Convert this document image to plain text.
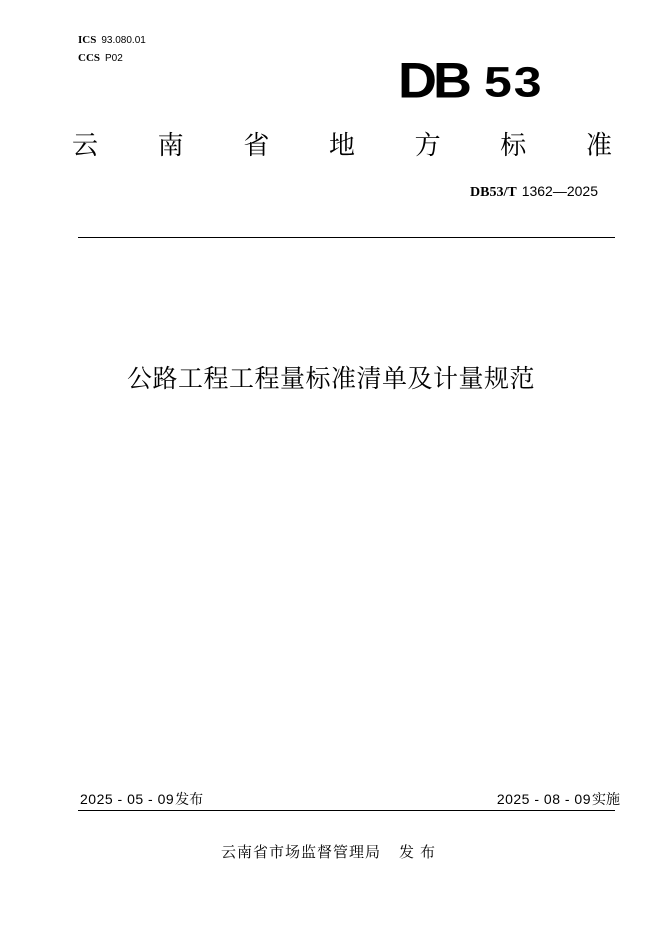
ICS 93.080.01
CCS P02	DB 53
云 南 省 地 方 标 准
DB53/T 1362—2025
公路工程工程量标准清单及计量规范
2025 - 05 - 09发布	2025 - 08 - 09实施
云南省市场监督管理局 发布
